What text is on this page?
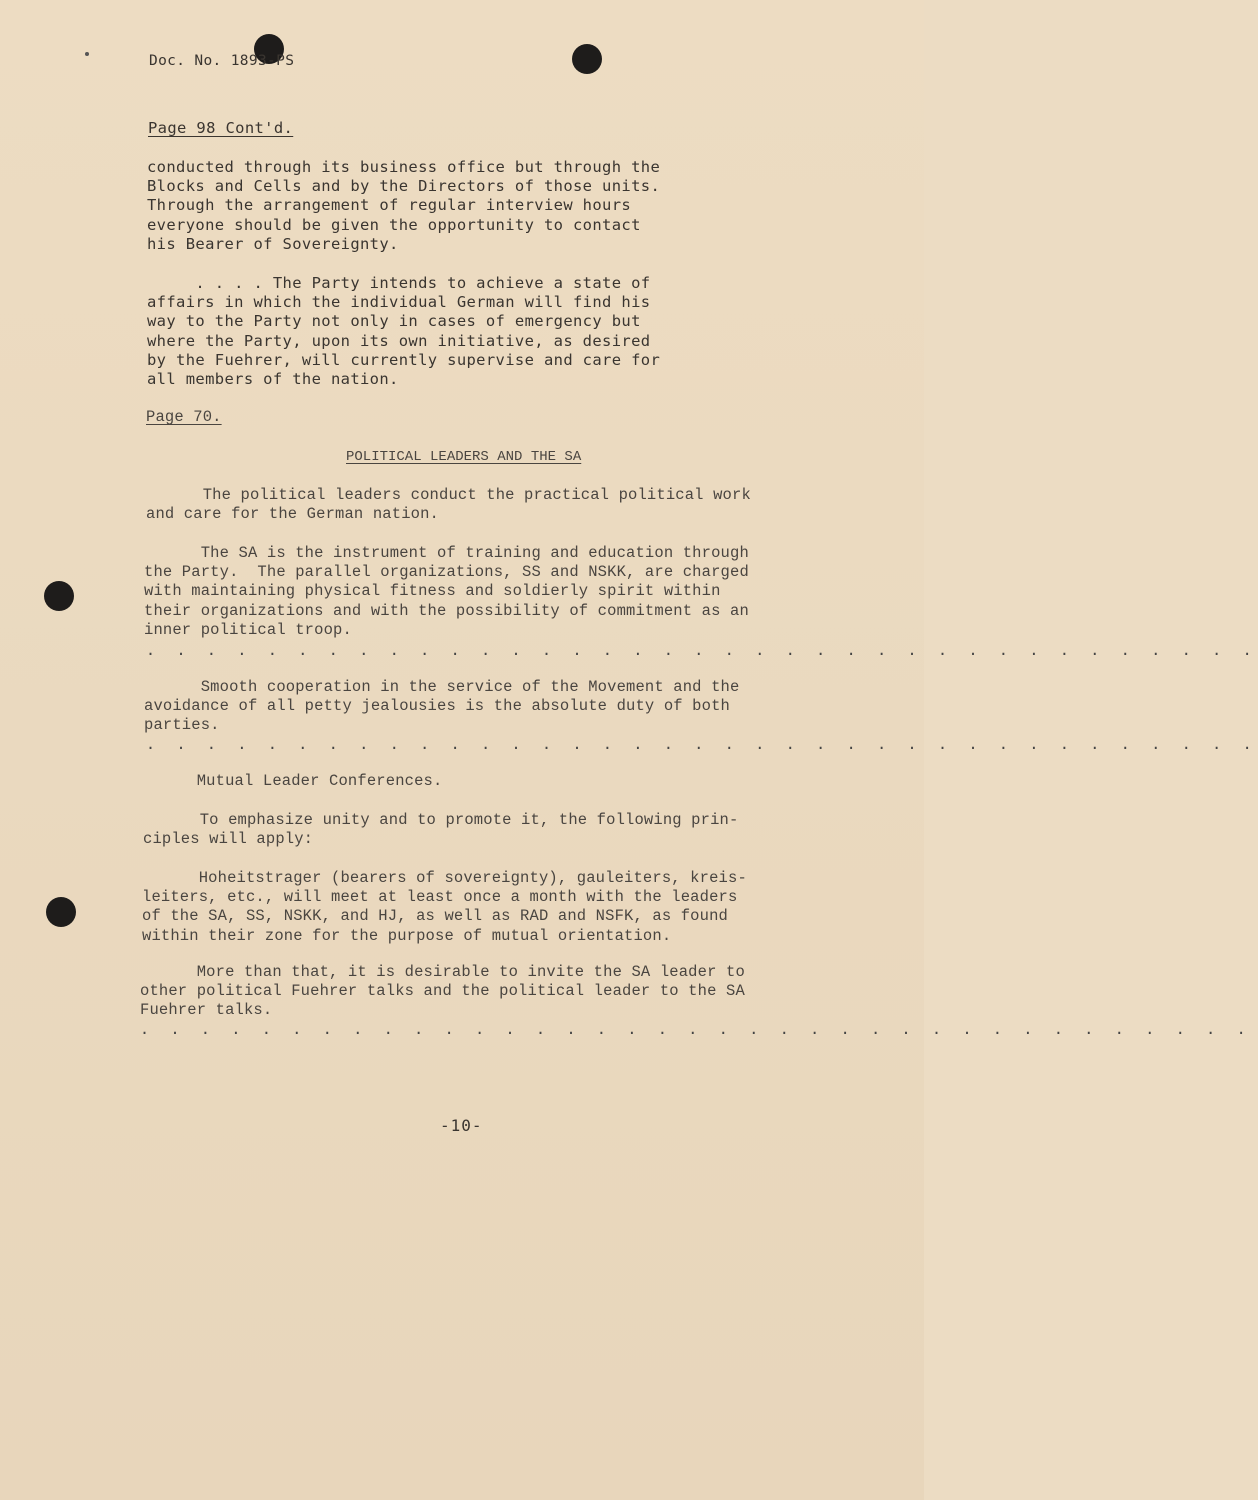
Doc. No. 1893-PS

Page 98 Cont'd.

conducted through its business office but through the
Blocks and Cells and by the Directors of those units.
Through the arrangement of regular interview hours
everyone should be given the opportunity to contact
his Bearer of Sovereignty.

. . . . The Party intends to achieve a state of
affairs in which the individual German will find his
way to the Party not only in cases of emergency but
where the Party, upon its own initiative, as desired
by the Fuehrer, will currently supervise and care for
all members of the nation.

Page 70.

POLITICAL LEADERS AND THE SA

The political leaders conduct the practical political work
and care for the German nation.

The SA is the instrument of training and education through
the Party.  The parallel organizations, SS and NSKK, are charged
with maintaining physical fitness and soldierly spirit within
their organizations and with the possibility of commitment as an
inner political troop.

. . . . . . . . . . . . . . . . . . . . . . . . . . . . . . . . . . . . .

Smooth cooperation in the service of the Movement and the
avoidance of all petty jealousies is the absolute duty of both
parties.

. . . . . . . . . . . . . . . . . . . . . . . . . . . . . . . . . . . . .

Mutual Leader Conferences.

To emphasize unity and to promote it, the following prin-
ciples will apply:

Hoheitstrager (bearers of sovereignty), gauleiters, kreis-
leiters, etc., will meet at least once a month with the leaders
of the SA, SS, NSKK, and HJ, as well as RAD and NSFK, as found
within their zone for the purpose of mutual orientation.

More than that, it is desirable to invite the SA leader to
other political Fuehrer talks and the political leader to the SA
Fuehrer talks.

. . . . . . . . . . . . . . . . . . . . . . . . . . . . . . . . . . . . .
-10-
